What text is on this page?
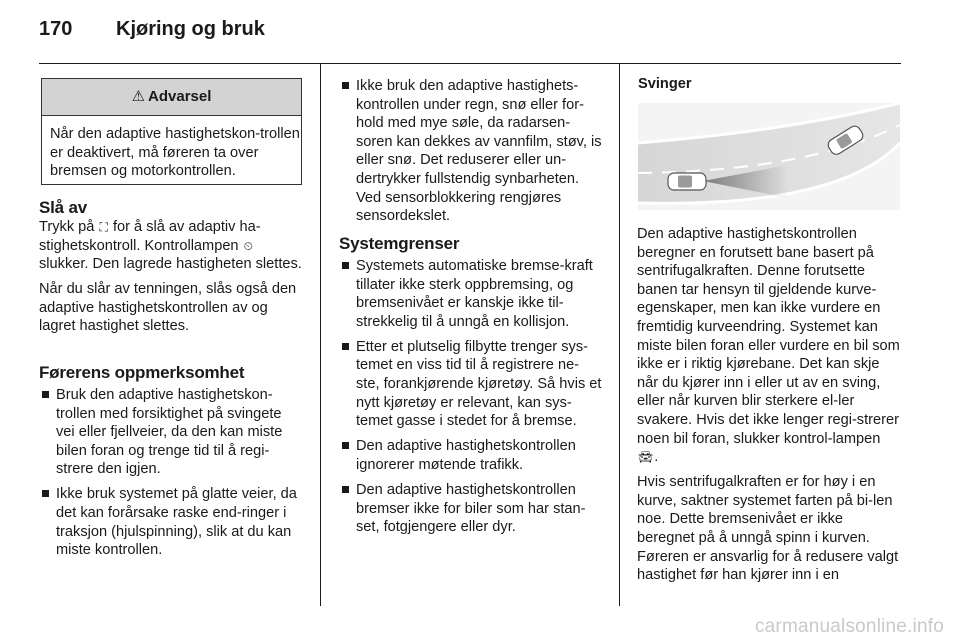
170 Kjøring og bruk
⚠ Advarsel
Når den adaptive hastighetskon-trollen er deaktivert, må føreren ta over bremsen og motorkontrollen.
Slå av

Trykk på ⛶ for å slå av adaptiv ha-stighetskontroll. Kontrollampen ⏲ slukker. Den lagrede hastigheten slettes.

Når du slår av tenningen, slås også den adaptive hastighetskontrollen av og lagret hastighet slettes.

Førerens oppmerksomhet
Bruk den adaptive hastighetskon-trollen med forsiktighet på svingete vei eller fjellveier, da den kan miste bilen foran og trenge tid til å regi-strere den igjen.
Ikke bruk systemet på glatte veier, da det kan forårsake raske end-ringer i traksjon (hjulspinning), slik at du kan miste kontrollen.
Ikke bruk den adaptive hastighets-kontrollen under regn, snø eller for-hold med mye søle, da radarsen-soren kan dekkes av vannfilm, støv, is eller snø. Det reduserer eller un-dertrykker fullstendig synbarheten. Ved sensorblokkering rengjøres sensordekslet.
Systemgrenser
Systemets automatiske bremse-kraft tillater ikke sterk oppbremsing, og bremsenivået er kanskje ikke til-strekkelig til å unngå en kollisjon.
Etter et plutselig filbytte trenger sys-temet en viss tid til å registrere ne-ste, forankjørende kjøretøy. Så hvis et nytt kjøretøy er relevant, kan sys-temet gasse i stedet for å bremse.
Den adaptive hastighetskontrollen ignorerer møtende trafikk.
Den adaptive hastighetskontrollen bremser ikke for biler som har stan-set, fotgjengere eller dyr.
Svinger

Den adaptive hastighetskontrollen beregner en forutsett bane basert på sentrifugalkraften. Denne forutsette banen tar hensyn til gjeldende kurve-egenskaper, men kan ikke vurdere en fremtidig kurveendring. Systemet kan miste bilen foran eller vurdere en bil som ikke er i riktig kjørebane. Det kan skje når du kjører inn i eller ut av en sving, eller når kurven blir sterkere el-ler svakere. Hvis det ikke lenger regi-strerer noen bil foran, slukker kontrol-lampen 🚘︎.

Hvis sentrifugalkraften er for høy i en kurve, saktner systemet farten på bi-len noe. Dette bremsenivået er ikke beregnet på å unngå spinn i kurven. Føreren er ansvarlig for å redusere valgt hastighet før han kjører inn i en

carmanualsonline.info
